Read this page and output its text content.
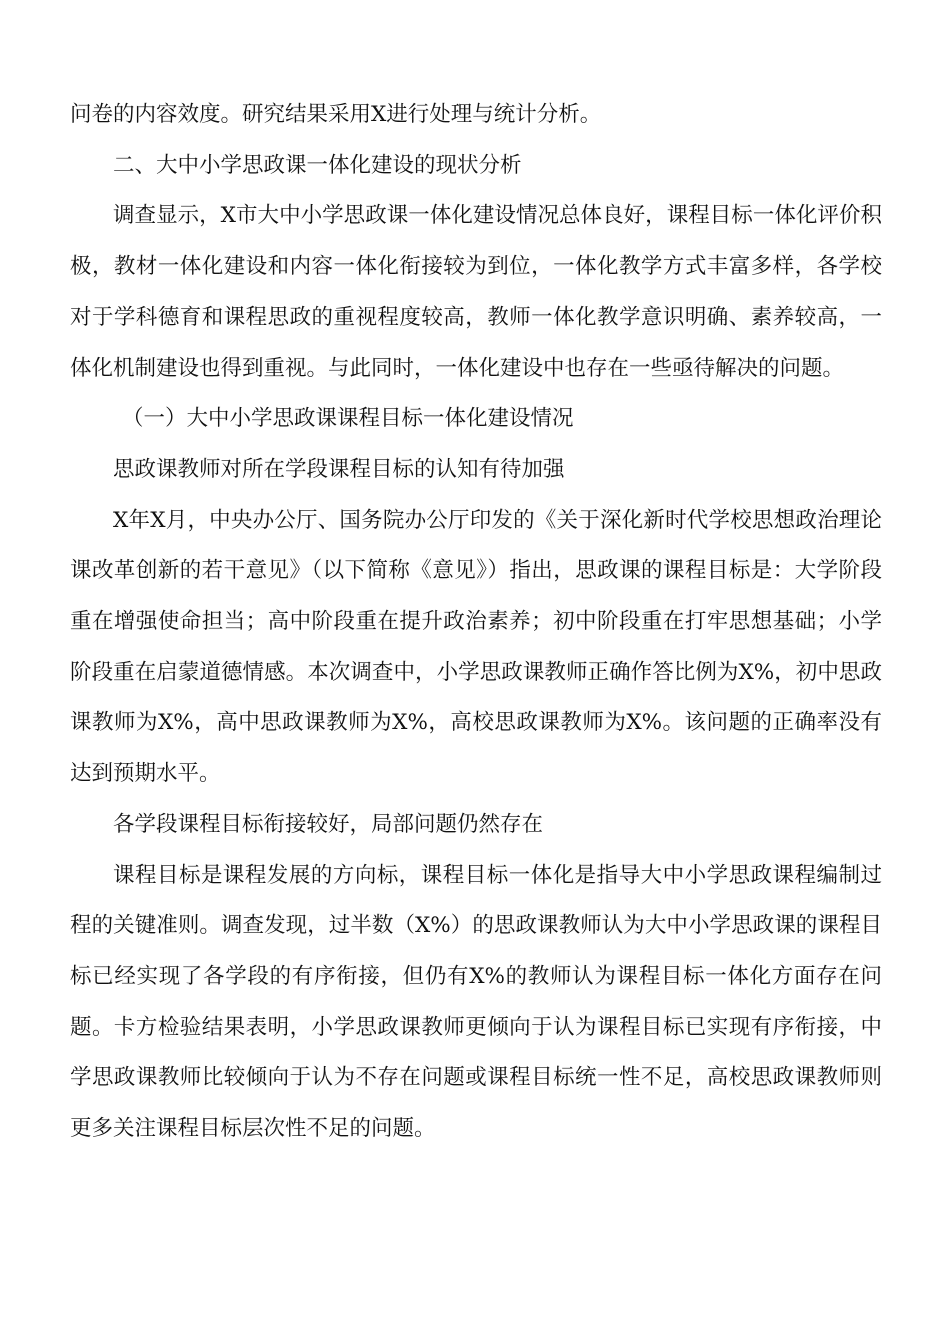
问卷的内容效度。研究结果采用X进行处理与统计分析。

二、大中小学思政课一体化建设的现状分析

调查显示，X市大中小学思政课一体化建设情况总体良好，课程目标一体化评价积极，教材一体化建设和内容一体化衔接较为到位，一体化教学方式丰富多样，各学校对于学科德育和课程思政的重视程度较高，教师一体化教学意识明确、素养较高，一体化机制建设也得到重视。与此同时，一体化建设中也存在一些亟待解决的问题。

（一）大中小学思政课课程目标一体化建设情况

思政课教师对所在学段课程目标的认知有待加强

X年X月，中央办公厅、国务院办公厅印发的《关于深化新时代学校思想政治理论课改革创新的若干意见》（以下简称《意见》）指出，思政课的课程目标是：大学阶段重在增强使命担当；高中阶段重在提升政治素养；初中阶段重在打牢思想基础；小学阶段重在启蒙道德情感。本次调查中，小学思政课教师正确作答比例为X%，初中思政课教师为X%，高中思政课教师为X%，高校思政课教师为X%。该问题的正确率没有达到预期水平。

各学段课程目标衔接较好，局部问题仍然存在

课程目标是课程发展的方向标，课程目标一体化是指导大中小学思政课程编制过程的关键准则。调查发现，过半数（X%）的思政课教师认为大中小学思政课的课程目标已经实现了各学段的有序衔接，但仍有X%的教师认为课程目标一体化方面存在问题。卡方检验结果表明，小学思政课教师更倾向于认为课程目标已实现有序衔接，中学思政课教师比较倾向于认为不存在问题或课程目标统一性不足，高校思政课教师则更多关注课程目标层次性不足的问题。
